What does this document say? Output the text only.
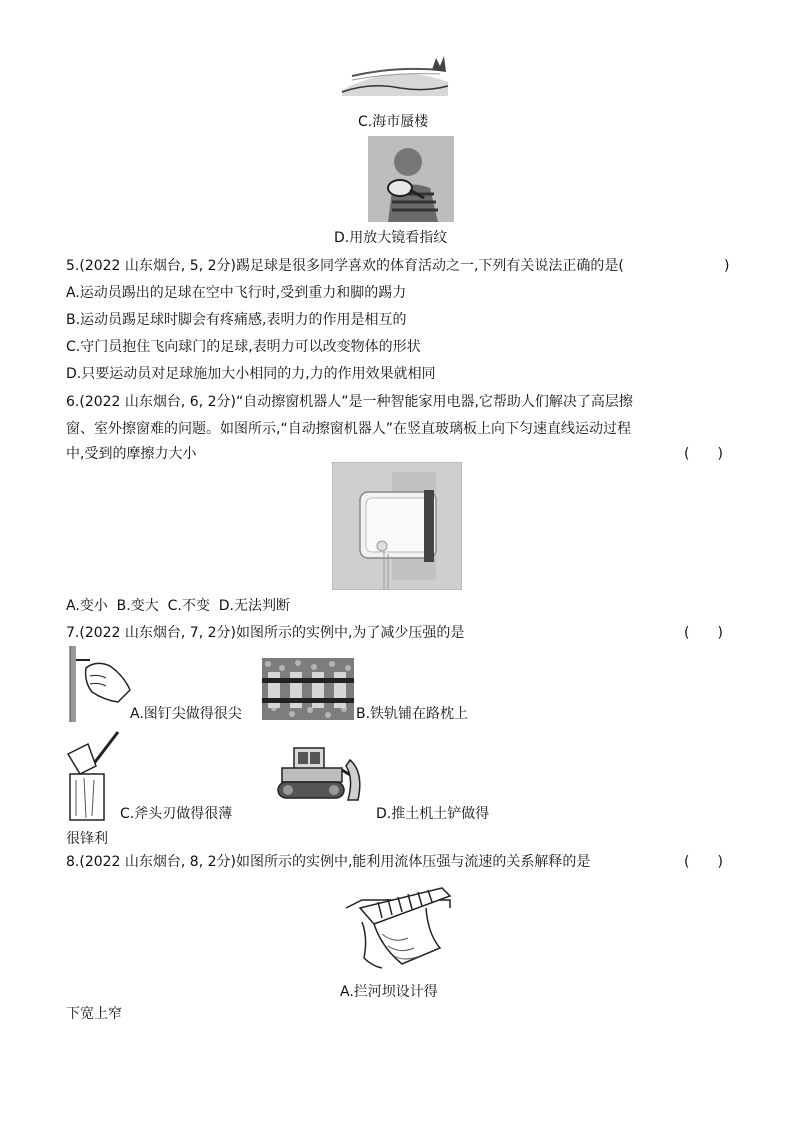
C.海市蜃楼
D.用放大镜看指纹
5.(2022 山东烟台, 5, 2分)踢足球是很多同学喜欢的体育活动之一,下列有关说法正确的是(	)
A.运动员踢出的足球在空中飞行时,受到重力和脚的踢力
B.运动员踢足球时脚会有疼痛感,表明力的作用是相互的
C.守门员抱住飞向球门的足球,表明力可以改变物体的形状
D.只要运动员对足球施加大小相同的力,力的作用效果就相同
6.(2022 山东烟台, 6, 2分)“自动擦窗机器人”是一种智能家用电器,它帮助人们解决了高层擦
窗、室外擦窗难的问题。如图所示,“自动擦窗机器人”在竖直玻璃板上向下匀速直线运动过程
中,受到的摩擦力大小	(　　)
A.变小  B.变大  C.不变  D.无法判断
7.(2022 山东烟台, 7, 2分)如图所示的实例中,为了减少压强的是	(　　)
A.图钉尖做得很尖	B.铁轨铺在路枕上
C.斧头刃做得很薄	D.推土机土铲做得
很锋利
8.(2022 山东烟台, 8, 2分)如图所示的实例中,能利用流体压强与流速的关系解释的是	(　　)
A.拦河坝设计得
下宽上窄
